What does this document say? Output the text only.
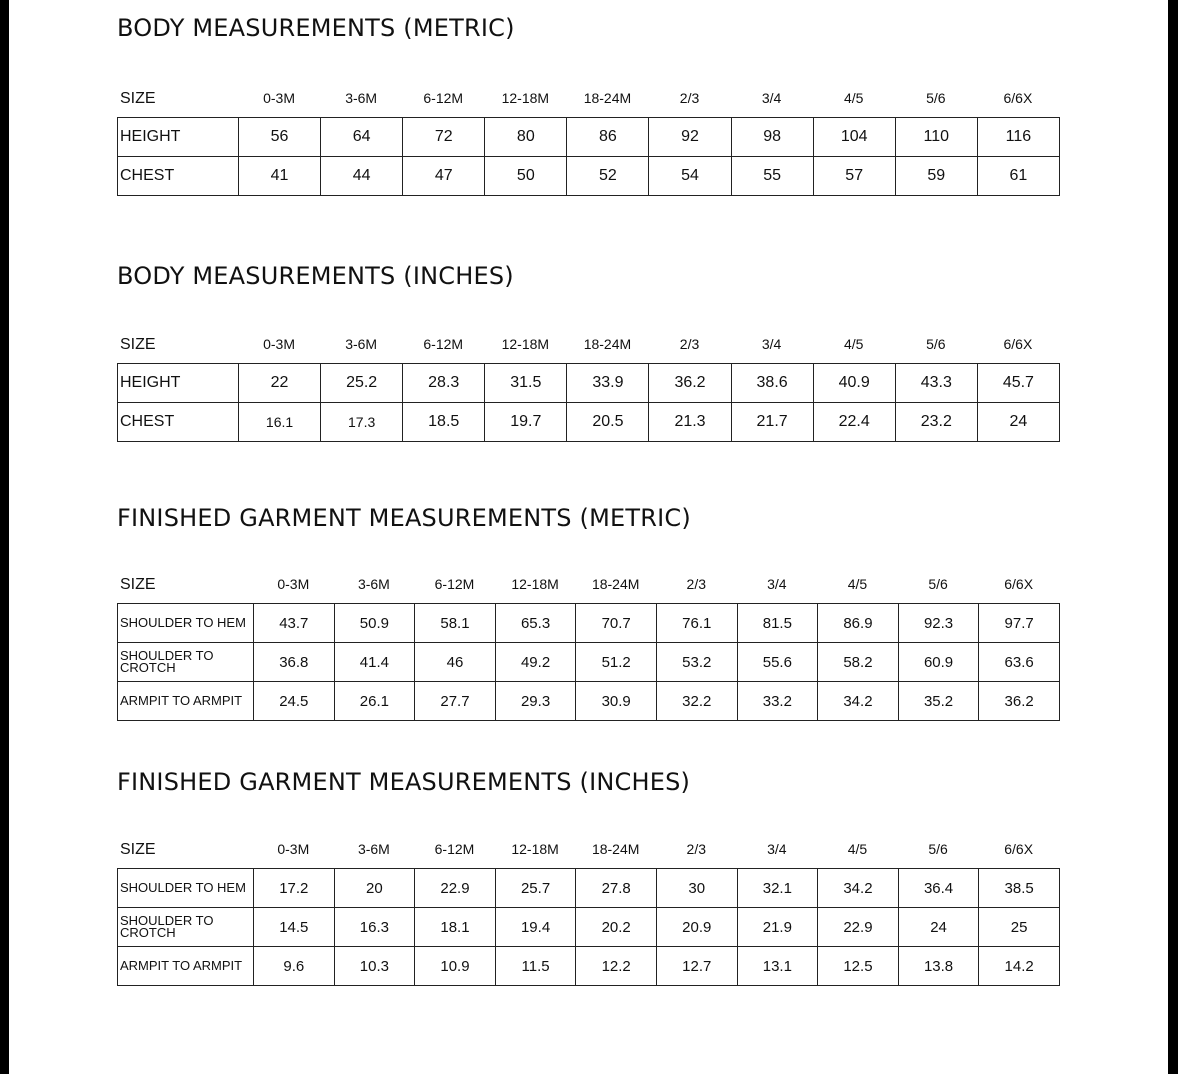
BODY MEASUREMENTS (METRIC)
SIZE	0-3M	3-6M	6-12M	12-18M	18-24M	2/3	3/4	4/5	5/6	6/6X
HEIGHT	56	64	72	80	86	92	98	104	110	116
CHEST	41	44	47	50	52	54	55	57	59	61
BODY MEASUREMENTS (INCHES)
SIZE	0-3M	3-6M	6-12M	12-18M	18-24M	2/3	3/4	4/5	5/6	6/6X
HEIGHT	22	25.2	28.3	31.5	33.9	36.2	38.6	40.9	43.3	45.7
CHEST	16.1	17.3	18.5	19.7	20.5	21.3	21.7	22.4	23.2	24
FINISHED GARMENT MEASUREMENTS (METRIC)
SIZE	0-3M	3-6M	6-12M	12-18M	18-24M	2/3	3/4	4/5	5/6	6/6X
SHOULDER TO HEM	43.7	50.9	58.1	65.3	70.7	76.1	81.5	86.9	92.3	97.7
SHOULDER TO CROTCH	36.8	41.4	46	49.2	51.2	53.2	55.6	58.2	60.9	63.6
ARMPIT TO ARMPIT	24.5	26.1	27.7	29.3	30.9	32.2	33.2	34.2	35.2	36.2
FINISHED GARMENT MEASUREMENTS (INCHES)
SIZE	0-3M	3-6M	6-12M	12-18M	18-24M	2/3	3/4	4/5	5/6	6/6X
SHOULDER TO HEM	17.2	20	22.9	25.7	27.8	30	32.1	34.2	36.4	38.5
SHOULDER TO CROTCH	14.5	16.3	18.1	19.4	20.2	20.9	21.9	22.9	24	25
ARMPIT TO ARMPIT	9.6	10.3	10.9	11.5	12.2	12.7	13.1	12.5	13.8	14.2
